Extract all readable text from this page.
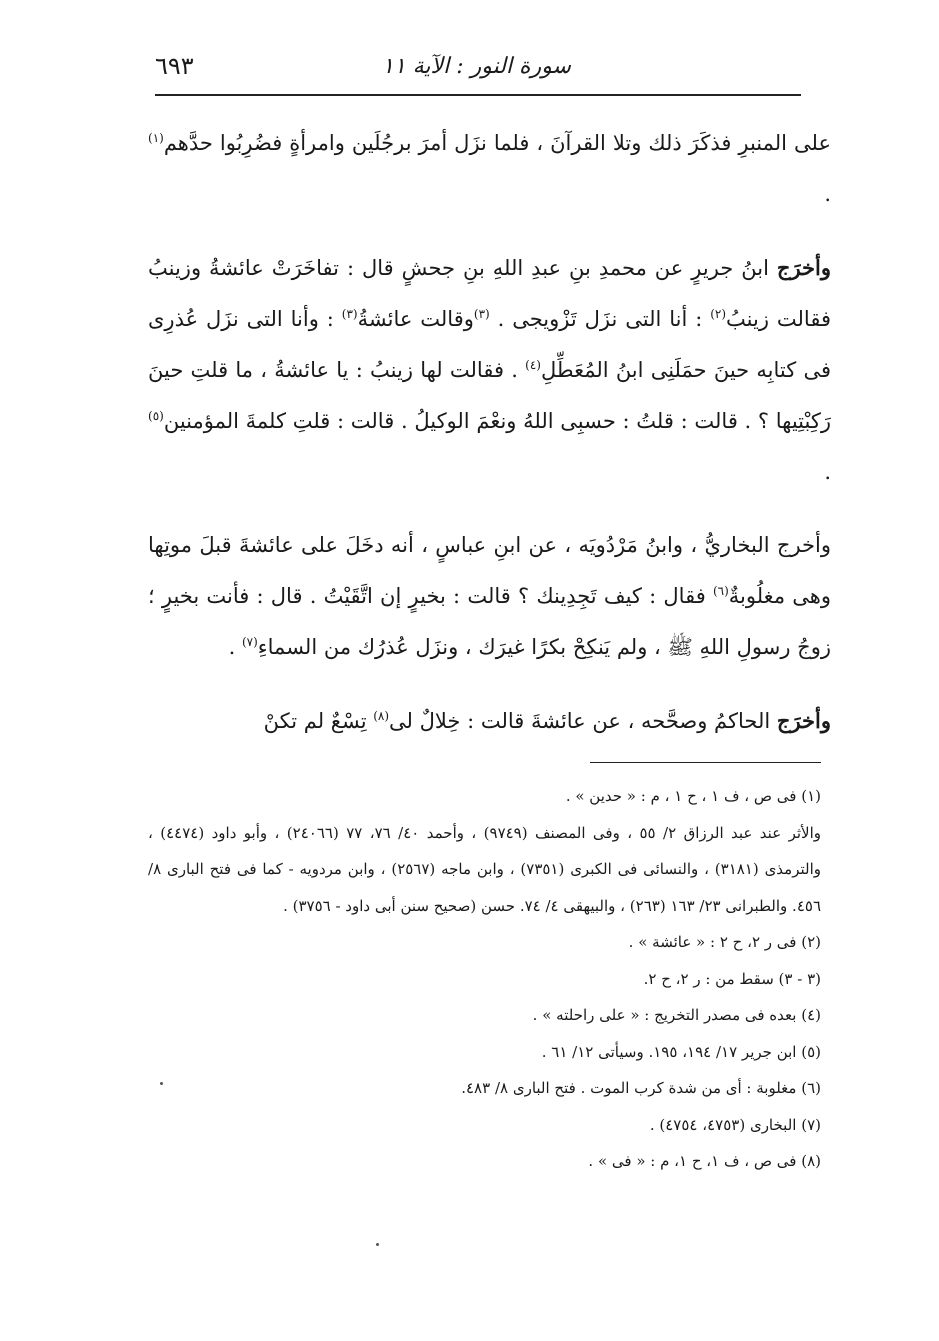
سورة النور : الآية ١١
٦٩٣

على المنبرِ فذكَرَ ذلك وتلا القرآنَ ، فلما نزَل أمرَ برجُلَين وامرأةٍ فضُرِبُوا حدَّهم$^{(١)}$ .

وأخرَج ابنُ جريرٍ عن محمدِ بنِ عبدِ اللهِ بنِ جحشٍ قال : تفاخَرَتْ عائشةُ وزينبُ فقالت زينبُ$^{(٢)}$ : أنا التى نزَل تَزْويجى . $^{(٣)}$وقالت عائشةُ$^{(٣)}$ : وأنا التى نزَل عُذرِى فى كتابِه حينَ حمَلَنِى ابنُ المُعَطِّلِ$^{(٤)}$ . فقالت لها زينبُ : يا عائشةُ ، ما قلتِ حينَ رَكِبْتِيها ؟ . قالت : قلتُ : حسبِى اللهُ ونعْمَ الوكيلُ . قالت : قلتِ كلمةَ المؤمنين$^{(٥)}$ .

وأخرج البخاريُّ ، وابنُ مَرْدُويَه ، عن ابنِ عباسٍ ، أنه دخَلَ على عائشةَ قبلَ موتِها وهى مغلُوبةٌ$^{(٦)}$ فقال : كيف تَجِدِينك ؟ قالت : بخيرٍ إن اتَّقَيْتُ . قال : فأنت بخيرٍ ؛ زوجُ رسولِ اللهِ ﷺ ، ولم يَنكِحْ بكرًا غيرَك ، ونزَل عُذرُك من السماءِ$^{(٧)}$ .

وأخرَج الحاكمُ وصحَّحه ، عن عائشةَ قالت : خِلالٌ لى$^{(٨)}$ تِسْعٌ لم تكنْ

(١) فى ص ، ف ١ ، ح ١ ، م : « حدين » .

والأثر عند عبد الرزاق ٢/ ٥٥ ، وفى المصنف (٩٧٤٩) ، وأحمد ٤٠/ ٧٦، ٧٧ (٢٤٠٦٦) ، وأبو داود (٤٤٧٤) ، والترمذى (٣١٨١) ، والنسائى فى الكبرى (٧٣٥١) ، وابن ماجه (٢٥٦٧) ، وابن مردويه - كما فى فتح البارى ٨/ ٤٥٦. والطبرانى ٢٣/ ١٦٣ (٢٦٣) ، والبيهقى ٤/ ٧٤. حسن (صحيح سنن أبى داود - ٣٧٥٦) .

(٢) فى ر ٢، ح ٢ : « عائشة » .

(٣ - ٣) سقط من : ر ٢، ح ٢.

(٤) بعده فى مصدر التخريج : « على راحلته » .

(٥) ابن جرير ١٧/ ١٩٤، ١٩٥. وسيأتى ١٢/ ٦١ .

(٦) مغلوبة : أى من شدة كرب الموت . فتح البارى ٨/ ٤٨٣.

(٧) البخارى (٤٧٥٣، ٤٧٥٤) .

(٨) فى ص ، ف ١، ح ١، م : « فى » .
